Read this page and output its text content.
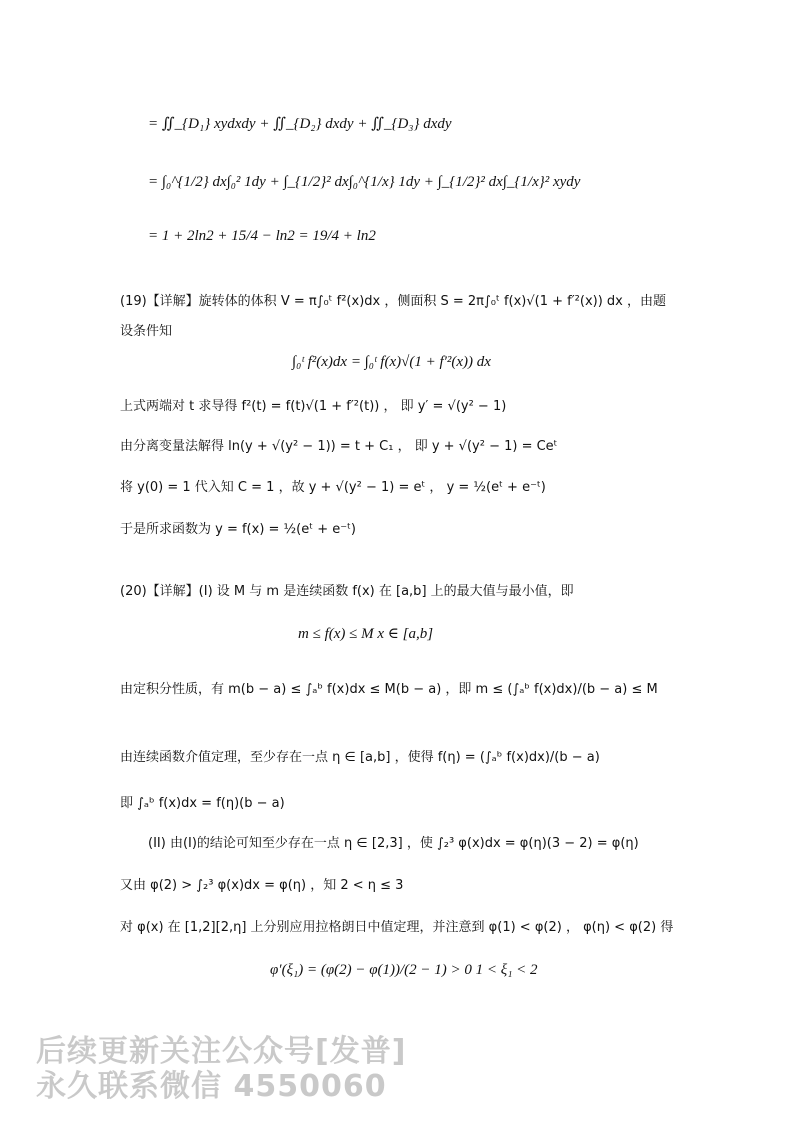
= ∬_{D₁} xydxdy + ∬_{D₂} dxdy + ∬_{D₃} dxdy
= ∫₀^{1/2} dx∫₀² 1dy + ∫_{1/2}² dx∫₀^{1/x} 1dy + ∫_{1/2}² dx∫_{1/x}² xydy
= 1 + 2ln2 + 15/4 − ln2 = 19/4 + ln2
(19)【详解】旋转体的体积 V = π∫₀ᵗ f²(x)dx ，侧面积 S = 2π∫₀ᵗ f(x)√(1 + f′²(x)) dx ，由题
设条件知
∫₀ᵗ f²(x)dx = ∫₀ᵗ f(x)√(1 + f′²(x)) dx
上式两端对 t 求导得 f²(t) = f(t)√(1 + f′²(t)) ， 即 y′ = √(y² − 1)
由分离变量法解得 ln(y + √(y² − 1)) = t + C₁ ， 即 y + √(y² − 1) = Ceᵗ
将 y(0) = 1 代入知 C = 1 ，故 y + √(y² − 1) = eᵗ ， y = ½(eᵗ + e⁻ᵗ)
于是所求函数为 y = f(x) = ½(eᵗ + e⁻ᵗ)
(20)【详解】(I) 设 M 与 m 是连续函数 f(x) 在 [a,b] 上的最大值与最小值，即
m ≤ f(x) ≤ M x ∈ [a,b]
由定积分性质，有 m(b − a) ≤ ∫ₐᵇ f(x)dx ≤ M(b − a) ，即 m ≤ (∫ₐᵇ f(x)dx)/(b − a) ≤ M
由连续函数介值定理，至少存在一点 η ∈ [a,b] ，使得 f(η) = (∫ₐᵇ f(x)dx)/(b − a)
即 ∫ₐᵇ f(x)dx = f(η)(b − a)
(II) 由(I)的结论可知至少存在一点 η ∈ [2,3] ，使 ∫₂³ φ(x)dx = φ(η)(3 − 2) = φ(η)
又由 φ(2) > ∫₂³ φ(x)dx = φ(η) ，知 2 < η ≤ 3
对 φ(x) 在 [1,2][2,η] 上分别应用拉格朗日中值定理，并注意到 φ(1) < φ(2) ， φ(η) < φ(2) 得
φ′(ξ₁) = (φ(2) − φ(1))/(2 − 1) > 0 1 < ξ₁ < 2
后续更新关注公众号[发普]
永久联系微信 4550060
